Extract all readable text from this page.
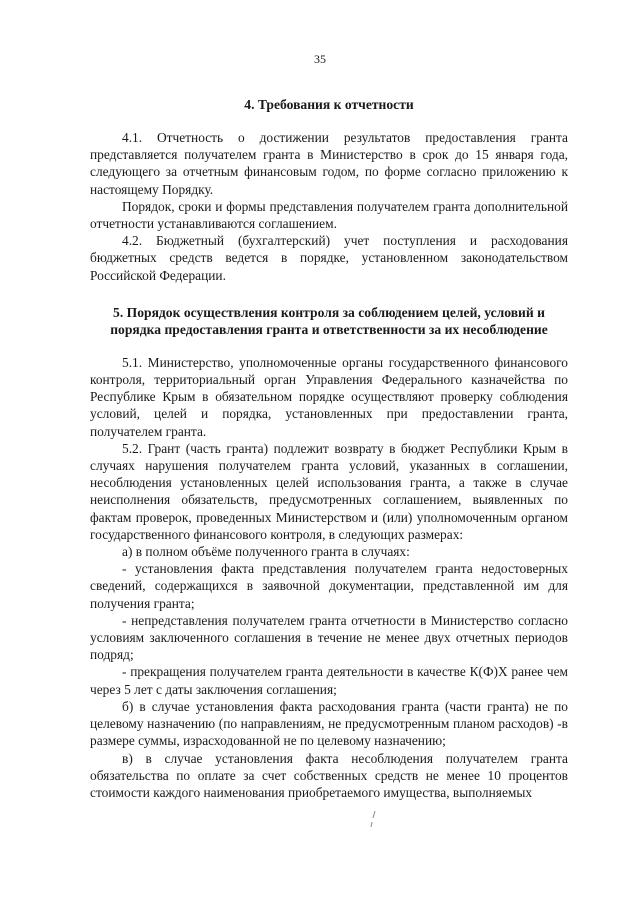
35
4. Требования к отчетности

4.1. Отчетность о достижении результатов предоставления гранта представляется получателем гранта в Министерство в срок до 15 января года, следующего за отчетным финансовым годом, по форме согласно приложению к настоящему Порядку.

Порядок, сроки и формы представления получателем гранта дополнительной отчетности устанавливаются соглашением.

4.2. Бюджетный (бухгалтерский) учет поступления и расходования бюджетных средств ведется в порядке, установленном законодательством Российской Федерации.

5. Порядок осуществления контроля за соблюдением целей, условий и порядка предоставления гранта и ответственности за их несоблюдение

5.1. Министерство, уполномоченные органы государственного финансового контроля, территориальный орган Управления Федерального казначейства по Республике Крым в обязательном порядке осуществляют проверку соблюдения условий, целей и порядка, установленных при предоставлении гранта, получателем гранта.

5.2. Грант (часть гранта) подлежит возврату в бюджет Республики Крым в случаях нарушения получателем гранта условий, указанных в соглашении, несоблюдения установленных целей использования гранта, а также в случае неисполнения обязательств, предусмотренных соглашением, выявленных по фактам проверок, проведенных Министерством и (или) уполномоченным органом государственного финансового контроля, в следующих размерах:

а) в полном объёме полученного гранта в случаях:

- установления факта представления получателем гранта недостоверных сведений, содержащихся в заявочной документации, представленной им для получения гранта;

- непредставления получателем гранта отчетности в Министерство согласно условиям заключенного соглашения в течение не менее двух отчетных периодов подряд;

- прекращения получателем гранта деятельности в качестве К(Ф)Х ранее чем через 5 лет с даты заключения соглашения;

б) в случае установления факта расходования гранта (части гранта) не по целевому назначению (по направлениям, не предусмотренным планом расходов) -в размере суммы, израсходованной не по целевому назначению;

в) в случае установления факта несоблюдения получателем гранта обязательства по оплате за счет собственных средств не менее 10 процентов стоимости каждого наименования приобретаемого имущества, выполняемых
